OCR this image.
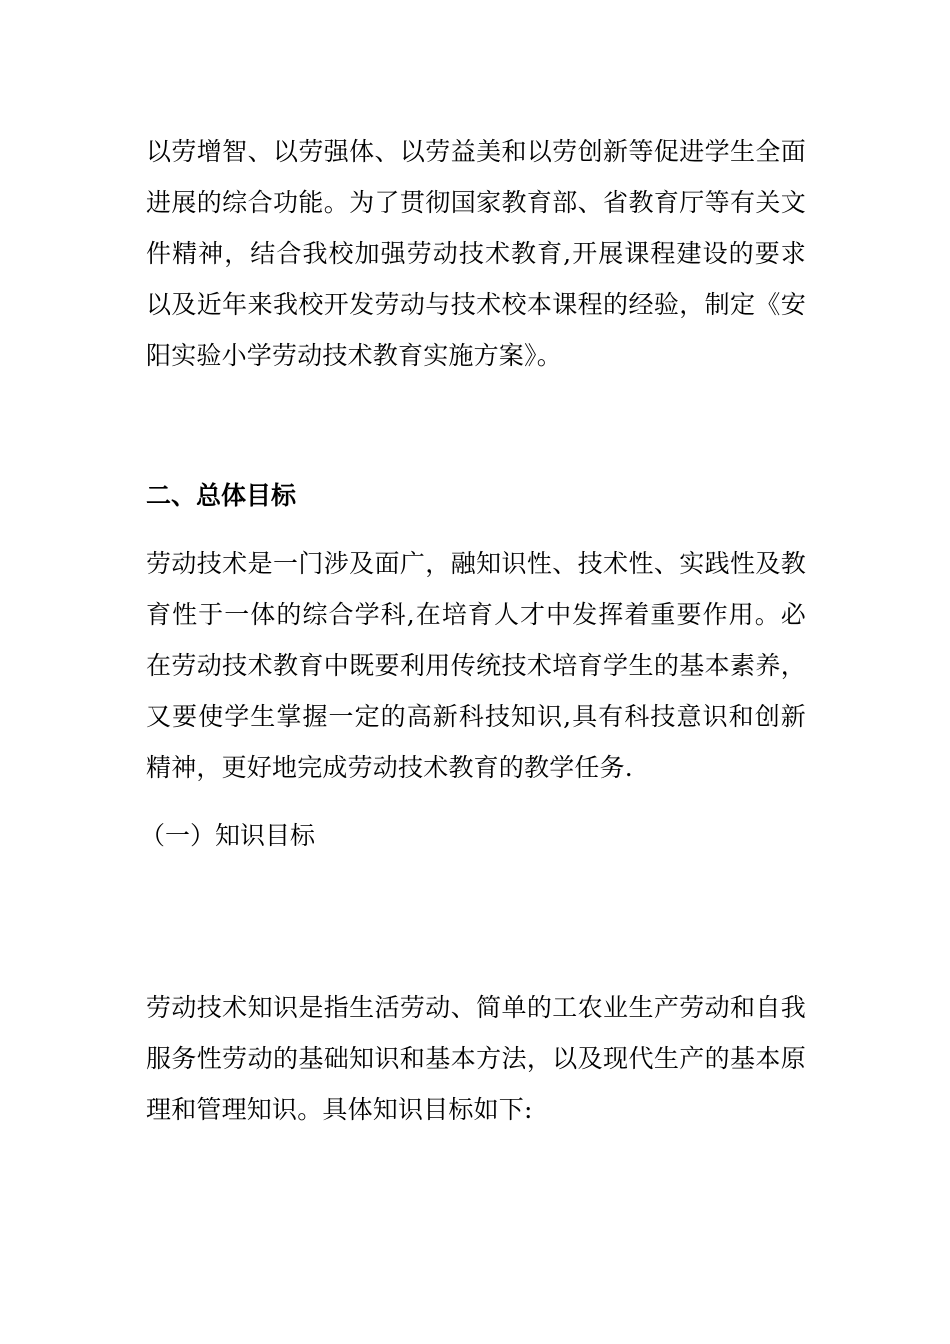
以劳增智、以劳强体、以劳益美和以劳创新等促进学生全面进展的综合功能。为了贯彻国家教育部、省教育厅等有关文件精神，结合我校加强劳动技术教育,开展课程建设的要求以及近年来我校开发劳动与技术校本课程的经验，制定《安阳实验小学劳动技术教育实施方案》。

二、总体目标

劳动技术是一门涉及面广，融知识性、技术性、实践性及教育性于一体的综合学科,在培育人才中发挥着重要作用。必在劳动技术教育中既要利用传统技术培育学生的基本素养，又要使学生掌握一定的高新科技知识,具有科技意识和创新精神，更好地完成劳动技术教育的教学任务.

（一）知识目标

劳动技术知识是指生活劳动、简单的工农业生产劳动和自我服务性劳动的基础知识和基本方法，以及现代生产的基本原理和管理知识。具体知识目标如下:
